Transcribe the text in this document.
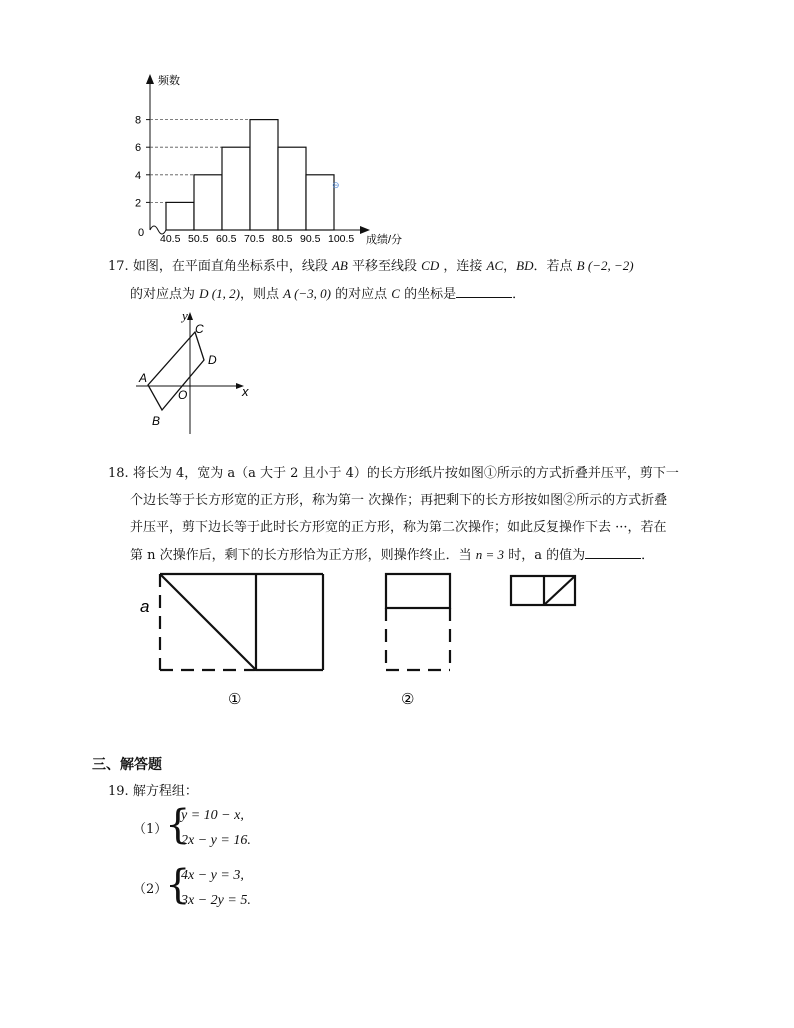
频数
成绩/分
0
2
4
6
8
40.5 50.5 60.5 70.5 80.5 90.5 100.5
⊖
17. 如图，在平面直角坐标系中，线段 AB 平移至线段 CD ，连接 AC，BD．若点 B (−2, −2)
的对应点为 D (1, 2)，则点 A (−3, 0) 的对应点 C 的坐标是	．
y
x
C
D
A
O
B
18. 将长为 4，宽为 a（a 大于 2 且小于 4）的长方形纸片按如图①所示的方式折叠并压平，剪下一
个边长等于长方形宽的正方形，称为第一 次操作；再把剩下的长方形按如图②所示的方式折叠
并压平，剪下边长等于此时长方形宽的正方形，称为第二次操作；如此反复操作下去 ···，若在
第 n 次操作后，剩下的长方形恰为正方形，则操作终止．当 n = 3 时，a 的值为	．
a
①	②
三、解答题
19. 解方程组：
（1）
{
y = 10 − x,
2x − y = 16.
（2）
{
4x − y = 3,
3x − 2y = 5.
